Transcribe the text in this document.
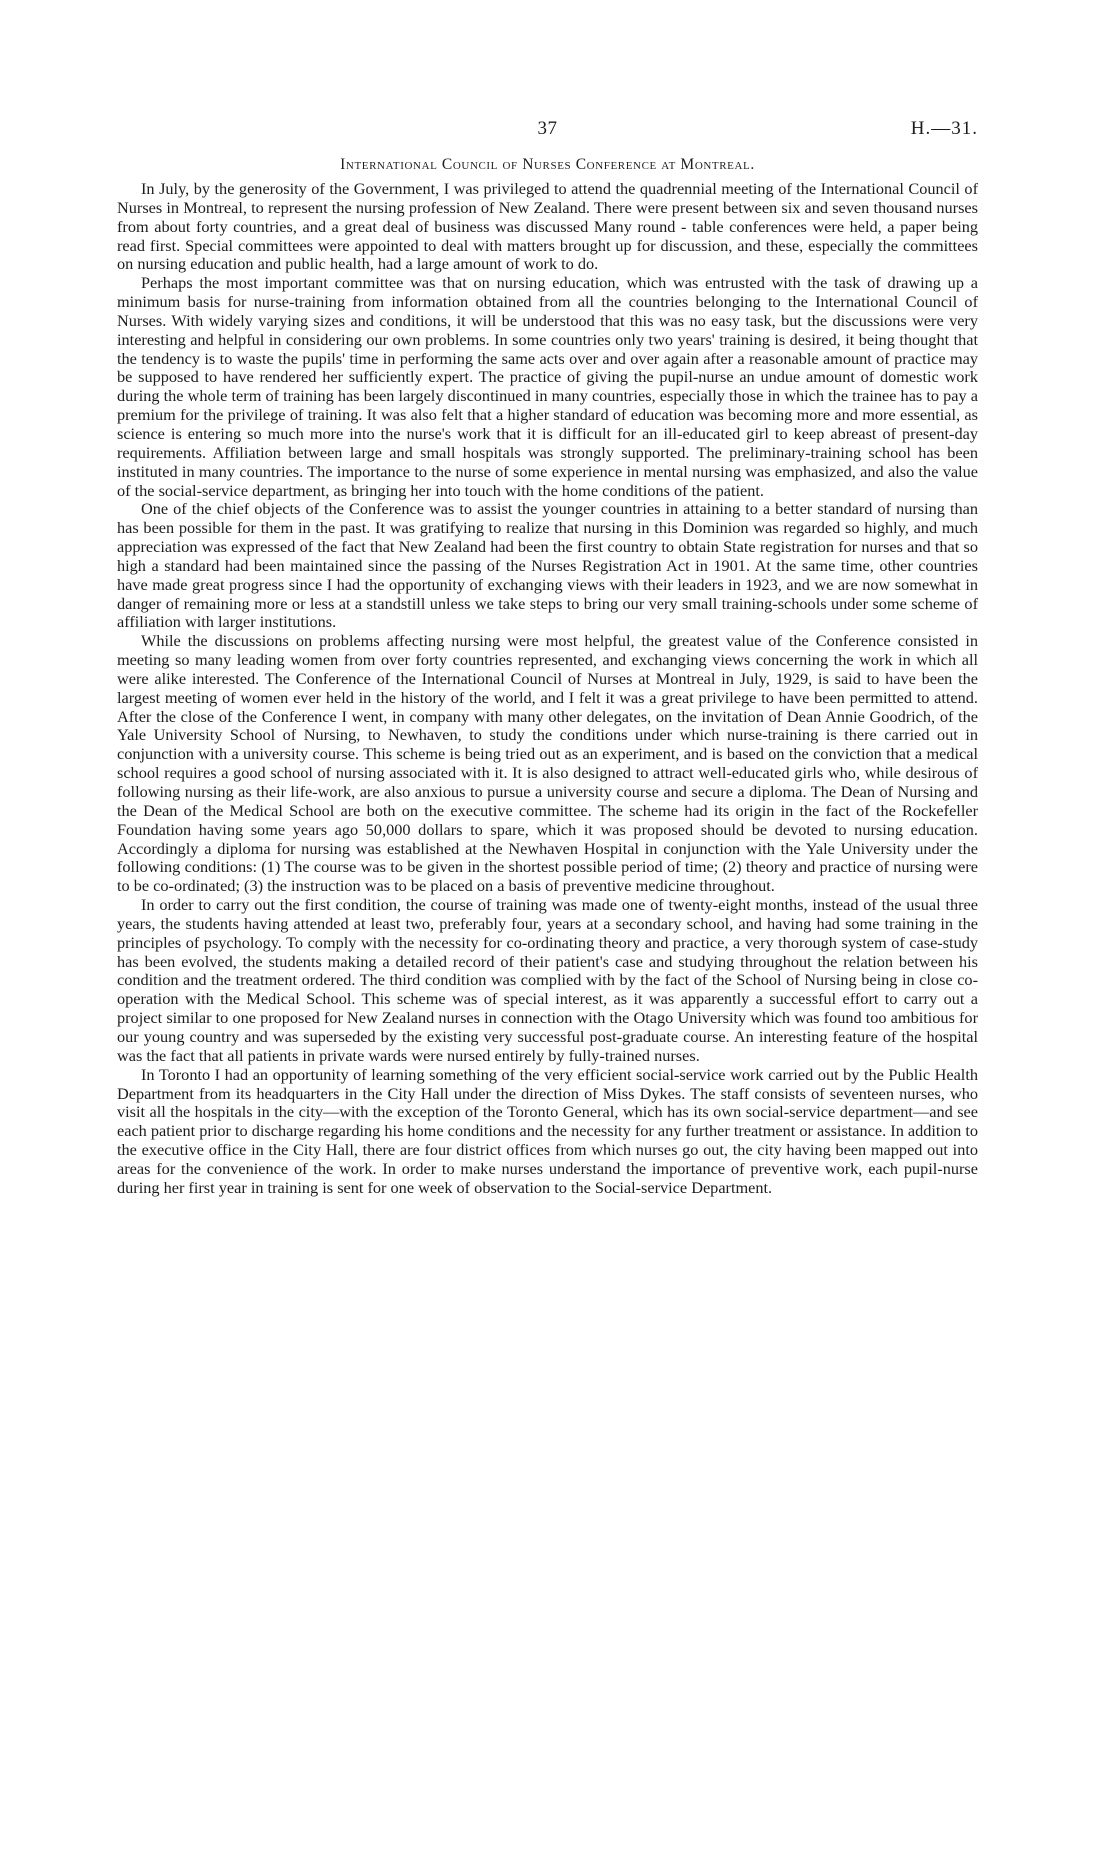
37	H.—31.
International Council of Nurses Conference at Montreal.

In July, by the generosity of the Government, I was privileged to attend the quadrennial meeting of the International Council of Nurses in Montreal, to represent the nursing profession of New Zealand. There were present between six and seven thousand nurses from about forty countries, and a great deal of business was discussed Many round - table conferences were held, a paper being read first. Special committees were appointed to deal with matters brought up for discussion, and these, especially the committees on nursing education and public health, had a large amount of work to do.

Perhaps the most important committee was that on nursing education, which was entrusted with the task of drawing up a minimum basis for nurse-training from information obtained from all the countries belonging to the International Council of Nurses. With widely varying sizes and conditions, it will be understood that this was no easy task, but the discussions were very interesting and helpful in considering our own problems. In some countries only two years' training is desired, it being thought that the tendency is to waste the pupils' time in performing the same acts over and over again after a reasonable amount of practice may be supposed to have rendered her sufficiently expert. The practice of giving the pupil-nurse an undue amount of domestic work during the whole term of training has been largely discontinued in many countries, especially those in which the trainee has to pay a premium for the privilege of training. It was also felt that a higher standard of education was becoming more and more essential, as science is entering so much more into the nurse's work that it is difficult for an ill-educated girl to keep abreast of present-day requirements. Affiliation between large and small hospitals was strongly supported. The preliminary-training school has been instituted in many countries. The importance to the nurse of some experience in mental nursing was emphasized, and also the value of the social-service department, as bringing her into touch with the home conditions of the patient.

One of the chief objects of the Conference was to assist the younger countries in attaining to a better standard of nursing than has been possible for them in the past. It was gratifying to realize that nursing in this Dominion was regarded so highly, and much appreciation was expressed of the fact that New Zealand had been the first country to obtain State registration for nurses and that so high a standard had been maintained since the passing of the Nurses Registration Act in 1901. At the same time, other countries have made great progress since I had the opportunity of exchanging views with their leaders in 1923, and we are now somewhat in danger of remaining more or less at a standstill unless we take steps to bring our very small training-schools under some scheme of affiliation with larger institutions.

While the discussions on problems affecting nursing were most helpful, the greatest value of the Conference consisted in meeting so many leading women from over forty countries represented, and exchanging views concerning the work in which all were alike interested. The Conference of the International Council of Nurses at Montreal in July, 1929, is said to have been the largest meeting of women ever held in the history of the world, and I felt it was a great privilege to have been permitted to attend. After the close of the Conference I went, in company with many other delegates, on the invitation of Dean Annie Goodrich, of the Yale University School of Nursing, to Newhaven, to study the conditions under which nurse-training is there carried out in conjunction with a university course. This scheme is being tried out as an experiment, and is based on the conviction that a medical school requires a good school of nursing associated with it. It is also designed to attract well-educated girls who, while desirous of following nursing as their life-work, are also anxious to pursue a university course and secure a diploma. The Dean of Nursing and the Dean of the Medical School are both on the executive committee. The scheme had its origin in the fact of the Rockefeller Foundation having some years ago 50,000 dollars to spare, which it was proposed should be devoted to nursing education. Accordingly a diploma for nursing was established at the Newhaven Hospital in conjunction with the Yale University under the following conditions: (1) The course was to be given in the shortest possible period of time; (2) theory and practice of nursing were to be co-ordinated; (3) the instruction was to be placed on a basis of preventive medicine throughout.

In order to carry out the first condition, the course of training was made one of twenty-eight months, instead of the usual three years, the students having attended at least two, preferably four, years at a secondary school, and having had some training in the principles of psychology. To comply with the necessity for co-ordinating theory and practice, a very thorough system of case-study has been evolved, the students making a detailed record of their patient's case and studying throughout the relation between his condition and the treatment ordered. The third condition was complied with by the fact of the School of Nursing being in close co-operation with the Medical School. This scheme was of special interest, as it was apparently a successful effort to carry out a project similar to one proposed for New Zealand nurses in connection with the Otago University which was found too ambitious for our young country and was superseded by the existing very successful post-graduate course. An interesting feature of the hospital was the fact that all patients in private wards were nursed entirely by fully-trained nurses.

In Toronto I had an opportunity of learning something of the very efficient social-service work carried out by the Public Health Department from its headquarters in the City Hall under the direction of Miss Dykes. The staff consists of seventeen nurses, who visit all the hospitals in the city—with the exception of the Toronto General, which has its own social-service department—and see each patient prior to discharge regarding his home conditions and the necessity for any further treatment or assistance. In addition to the executive office in the City Hall, there are four district offices from which nurses go out, the city having been mapped out into areas for the convenience of the work. In order to make nurses understand the importance of preventive work, each pupil-nurse during her first year in training is sent for one week of observation to the Social-service Department.
